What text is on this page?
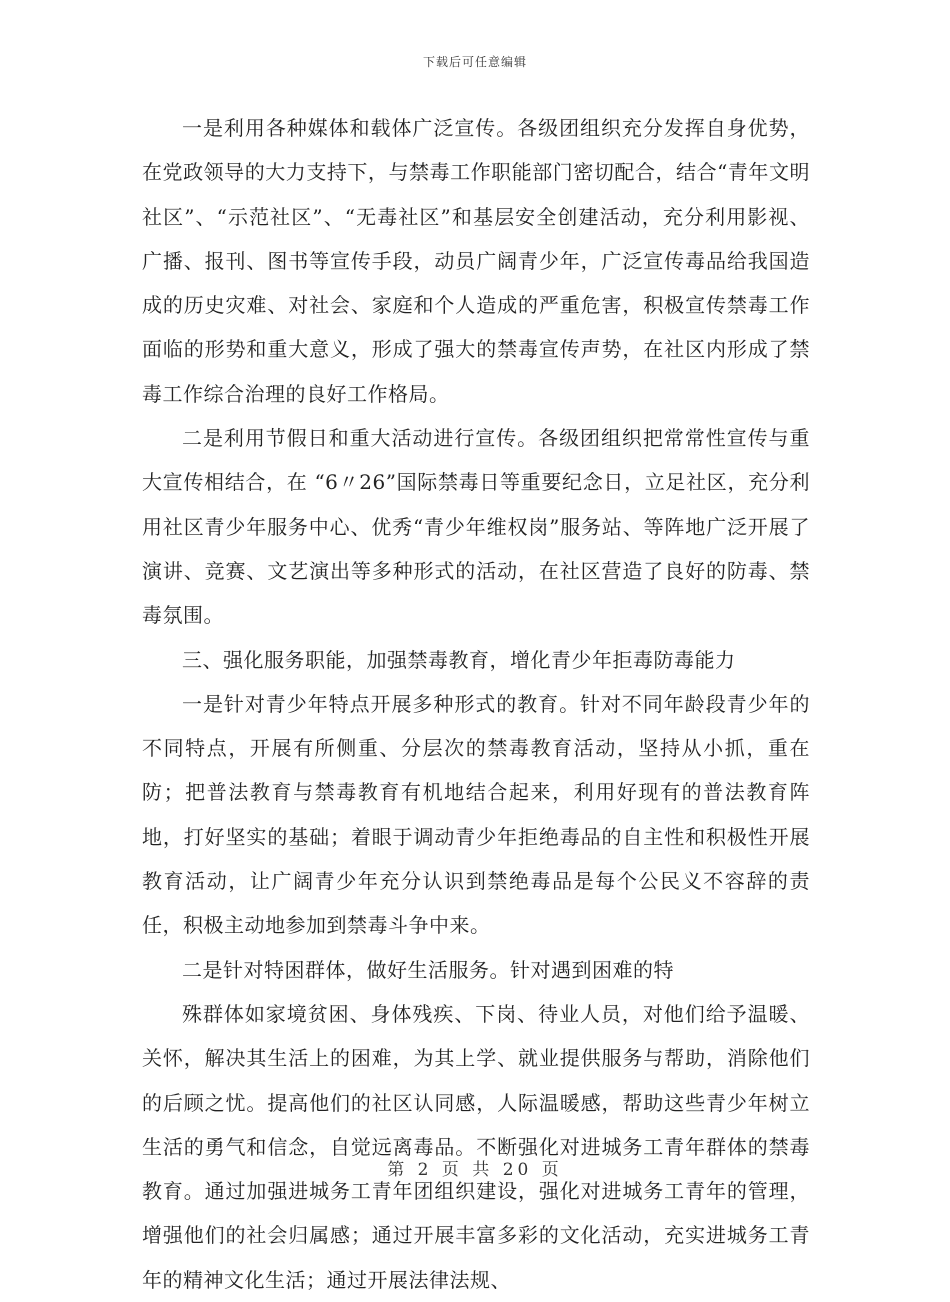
下载后可任意编辑

一是利用各种媒体和载体广泛宣传。各级团组织充分发挥自身优势，在党政领导的大力支持下，与禁毒工作职能部门密切配合，结合“青年文明社区”、“示范社区”、“无毒社区”和基层安全创建活动，充分利用影视、广播、报刊、图书等宣传手段，动员广阔青少年，广泛宣传毒品给我国造成的历史灾难、对社会、家庭和个人造成的严重危害，积极宣传禁毒工作面临的形势和重大意义，形成了强大的禁毒宣传声势，在社区内形成了禁毒工作综合治理的良好工作格局。

二是利用节假日和重大活动进行宣传。各级团组织把常常性宣传与重大宣传相结合，在 “6〃26”国际禁毒日等重要纪念日，立足社区，充分利用社区青少年服务中心、优秀“青少年维权岗”服务站、等阵地广泛开展了演讲、竞赛、文艺演出等多种形式的活动，在社区营造了良好的防毒、禁毒氛围。

三、强化服务职能，加强禁毒教育，增化青少年拒毒防毒能力

一是针对青少年特点开展多种形式的教育。针对不同年龄段青少年的不同特点，开展有所侧重、分层次的禁毒教育活动，坚持从小抓，重在防；把普法教育与禁毒教育有机地结合起来，利用好现有的普法教育阵地，打好坚实的基础；着眼于调动青少年拒绝毒品的自主性和积极性开展教育活动，让广阔青少年充分认识到禁绝毒品是每个公民义不容辞的责任，积极主动地参加到禁毒斗争中来。

二是针对特困群体，做好生活服务。针对遇到困难的特

殊群体如家境贫困、身体残疾、下岗、待业人员，对他们给予温暖、关怀，解决其生活上的困难，为其上学、就业提供服务与帮助，消除他们的后顾之忧。提高他们的社区认同感，人际温暖感，帮助这些青少年树立生活的勇气和信念，自觉远离毒品。不断强化对进城务工青年群体的禁毒教育。通过加强进城务工青年团组织建设，强化对进城务工青年的管理，增强他们的社会归属感；通过开展丰富多彩的文化活动，充实进城务工青年的精神文化生活；通过开展法律法规、

第 2 页 共 20 页
